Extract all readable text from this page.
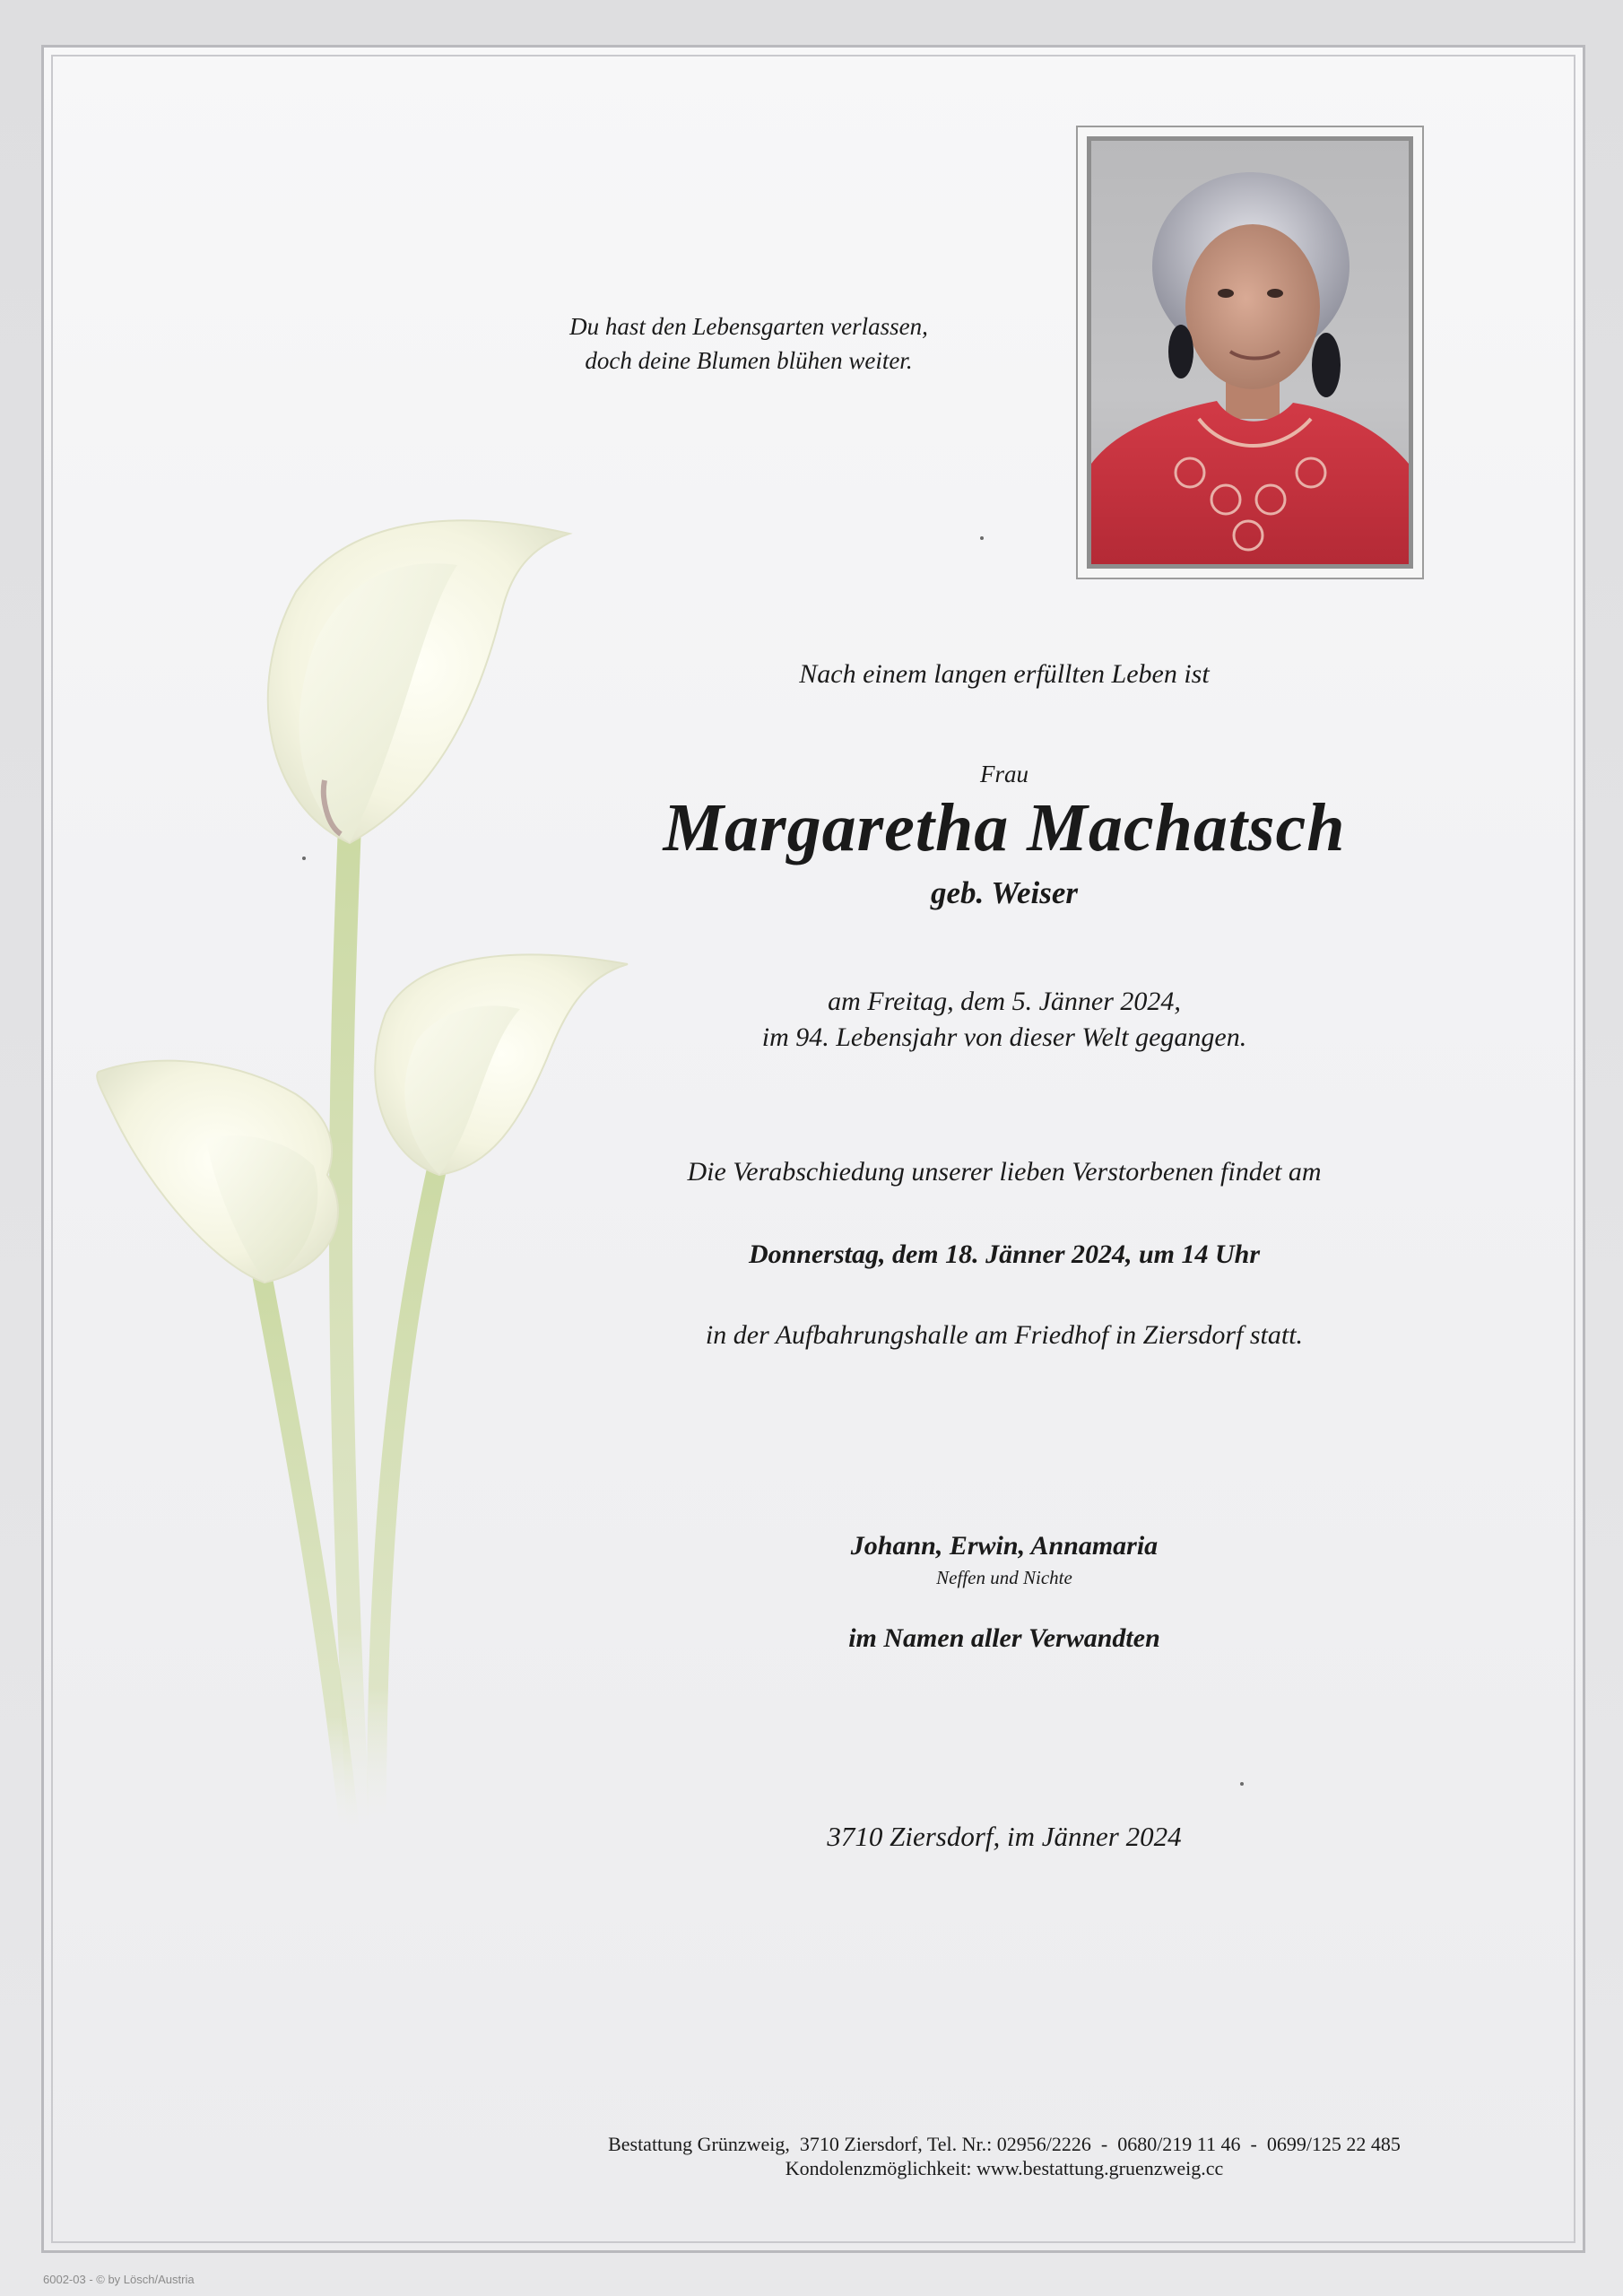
Du hast den Lebensgarten verlassen,
doch deine Blumen blühen weiter.
Nach einem langen erfüllten Leben ist
Frau
Margaretha Machatsch
geb. Weiser
am Freitag, dem 5. Jänner 2024,
im 94. Lebensjahr von dieser Welt gegangen.
Die Verabschiedung unserer lieben Verstorbenen findet am
Donnerstag, dem 18. Jänner 2024, um 14 Uhr
in der Aufbahrungshalle am Friedhof in Ziersdorf statt.
Johann, Erwin, Annamaria
Neffen und Nichte
im Namen aller Verwandten
3710 Ziersdorf, im Jänner 2024
Bestattung Grünzweig,  3710 Ziersdorf, Tel. Nr.: 02956/2226  -  0680/219 11 46  -  0699/125 22 485
Kondolenzmöglichkeit: www.bestattung.gruenzweig.cc
6002-03 - © by Lösch/Austria
